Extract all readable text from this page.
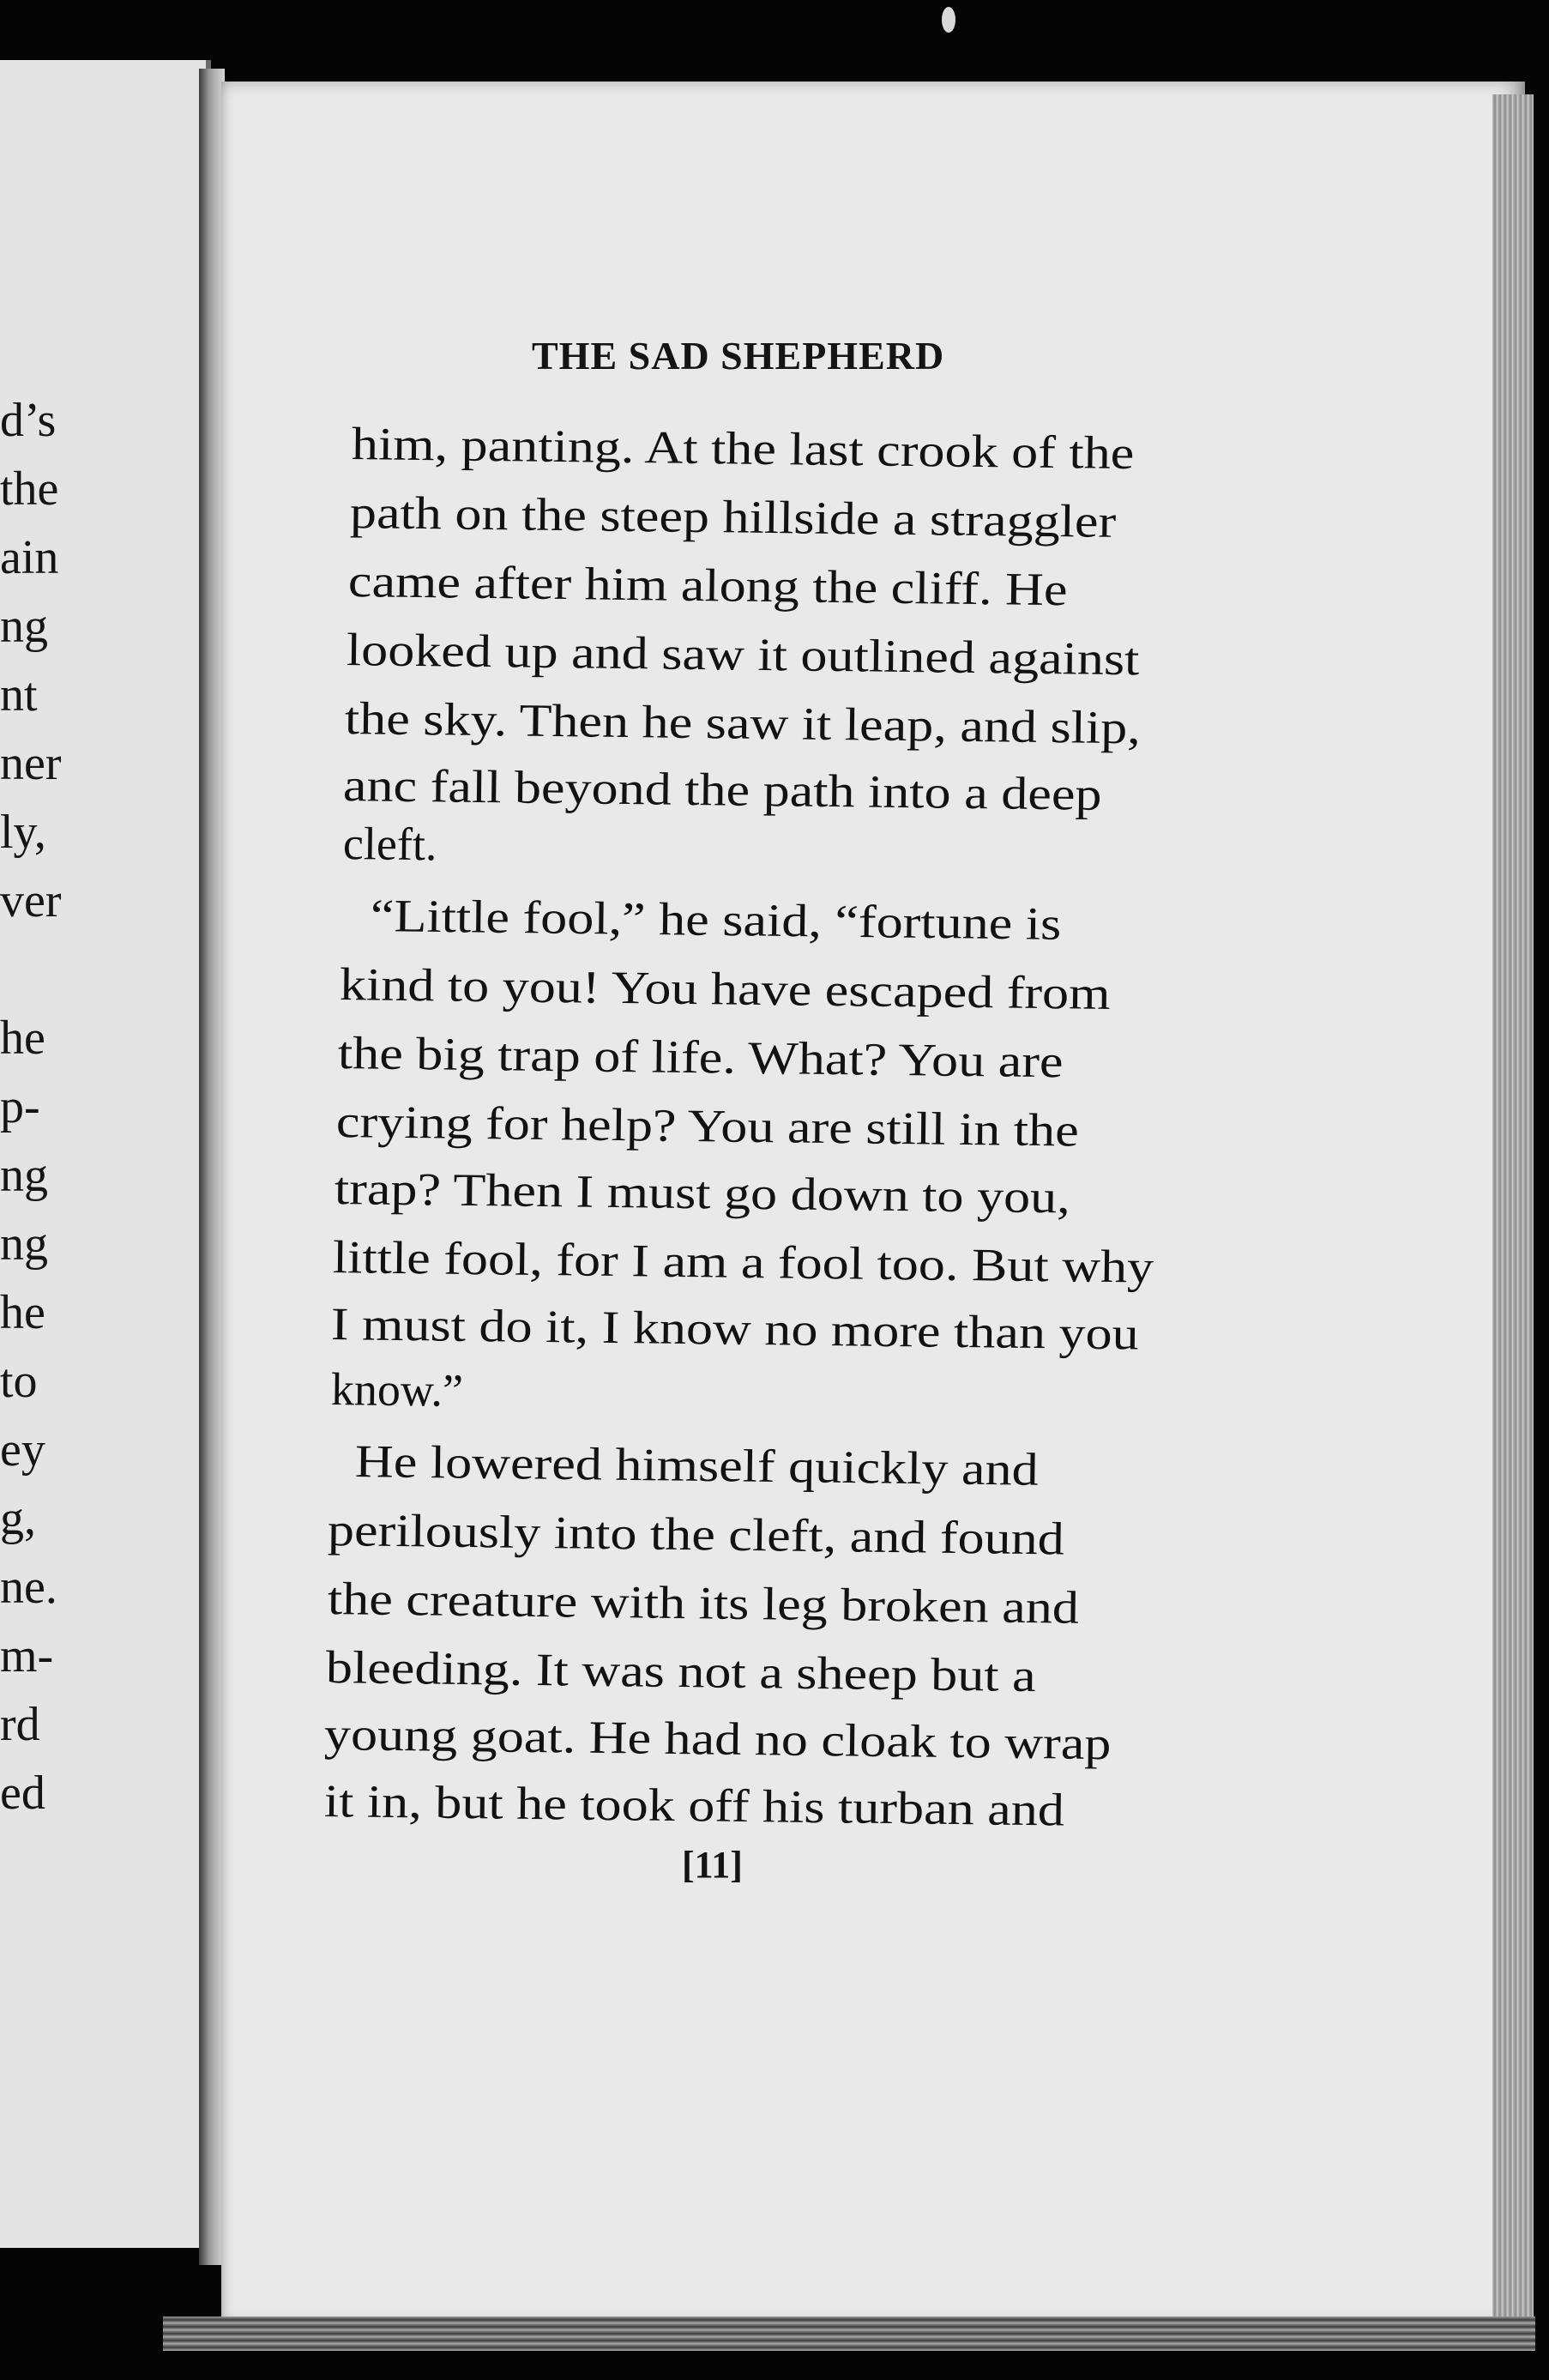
d’s
the
ain
ng
nt
ner
ly,
ver
he
p-
ng
ng
he
to
ey
g,
ne.
m-
rd
ed
THE SAD SHEPHERD
him, panting. At the last crook of the
path on the steep hillside a straggler
came after him along the cliff. He
looked up and saw it outlined against
the sky. Then he saw it leap, and slip,
anc fall beyond the path into a deep
cleft.
“Little fool,” he said, “fortune is
kind to you! You have escaped from
the big trap of life. What? You are
crying for help? You are still in the
trap? Then I must go down to you,
little fool, for I am a fool too. But why
I must do it, I know no more than you
know.”
He lowered himself quickly and
perilously into the cleft, and found
the creature with its leg broken and
bleeding. It was not a sheep but a
young goat. He had no cloak to wrap
it in, but he took off his turban and
[11]
